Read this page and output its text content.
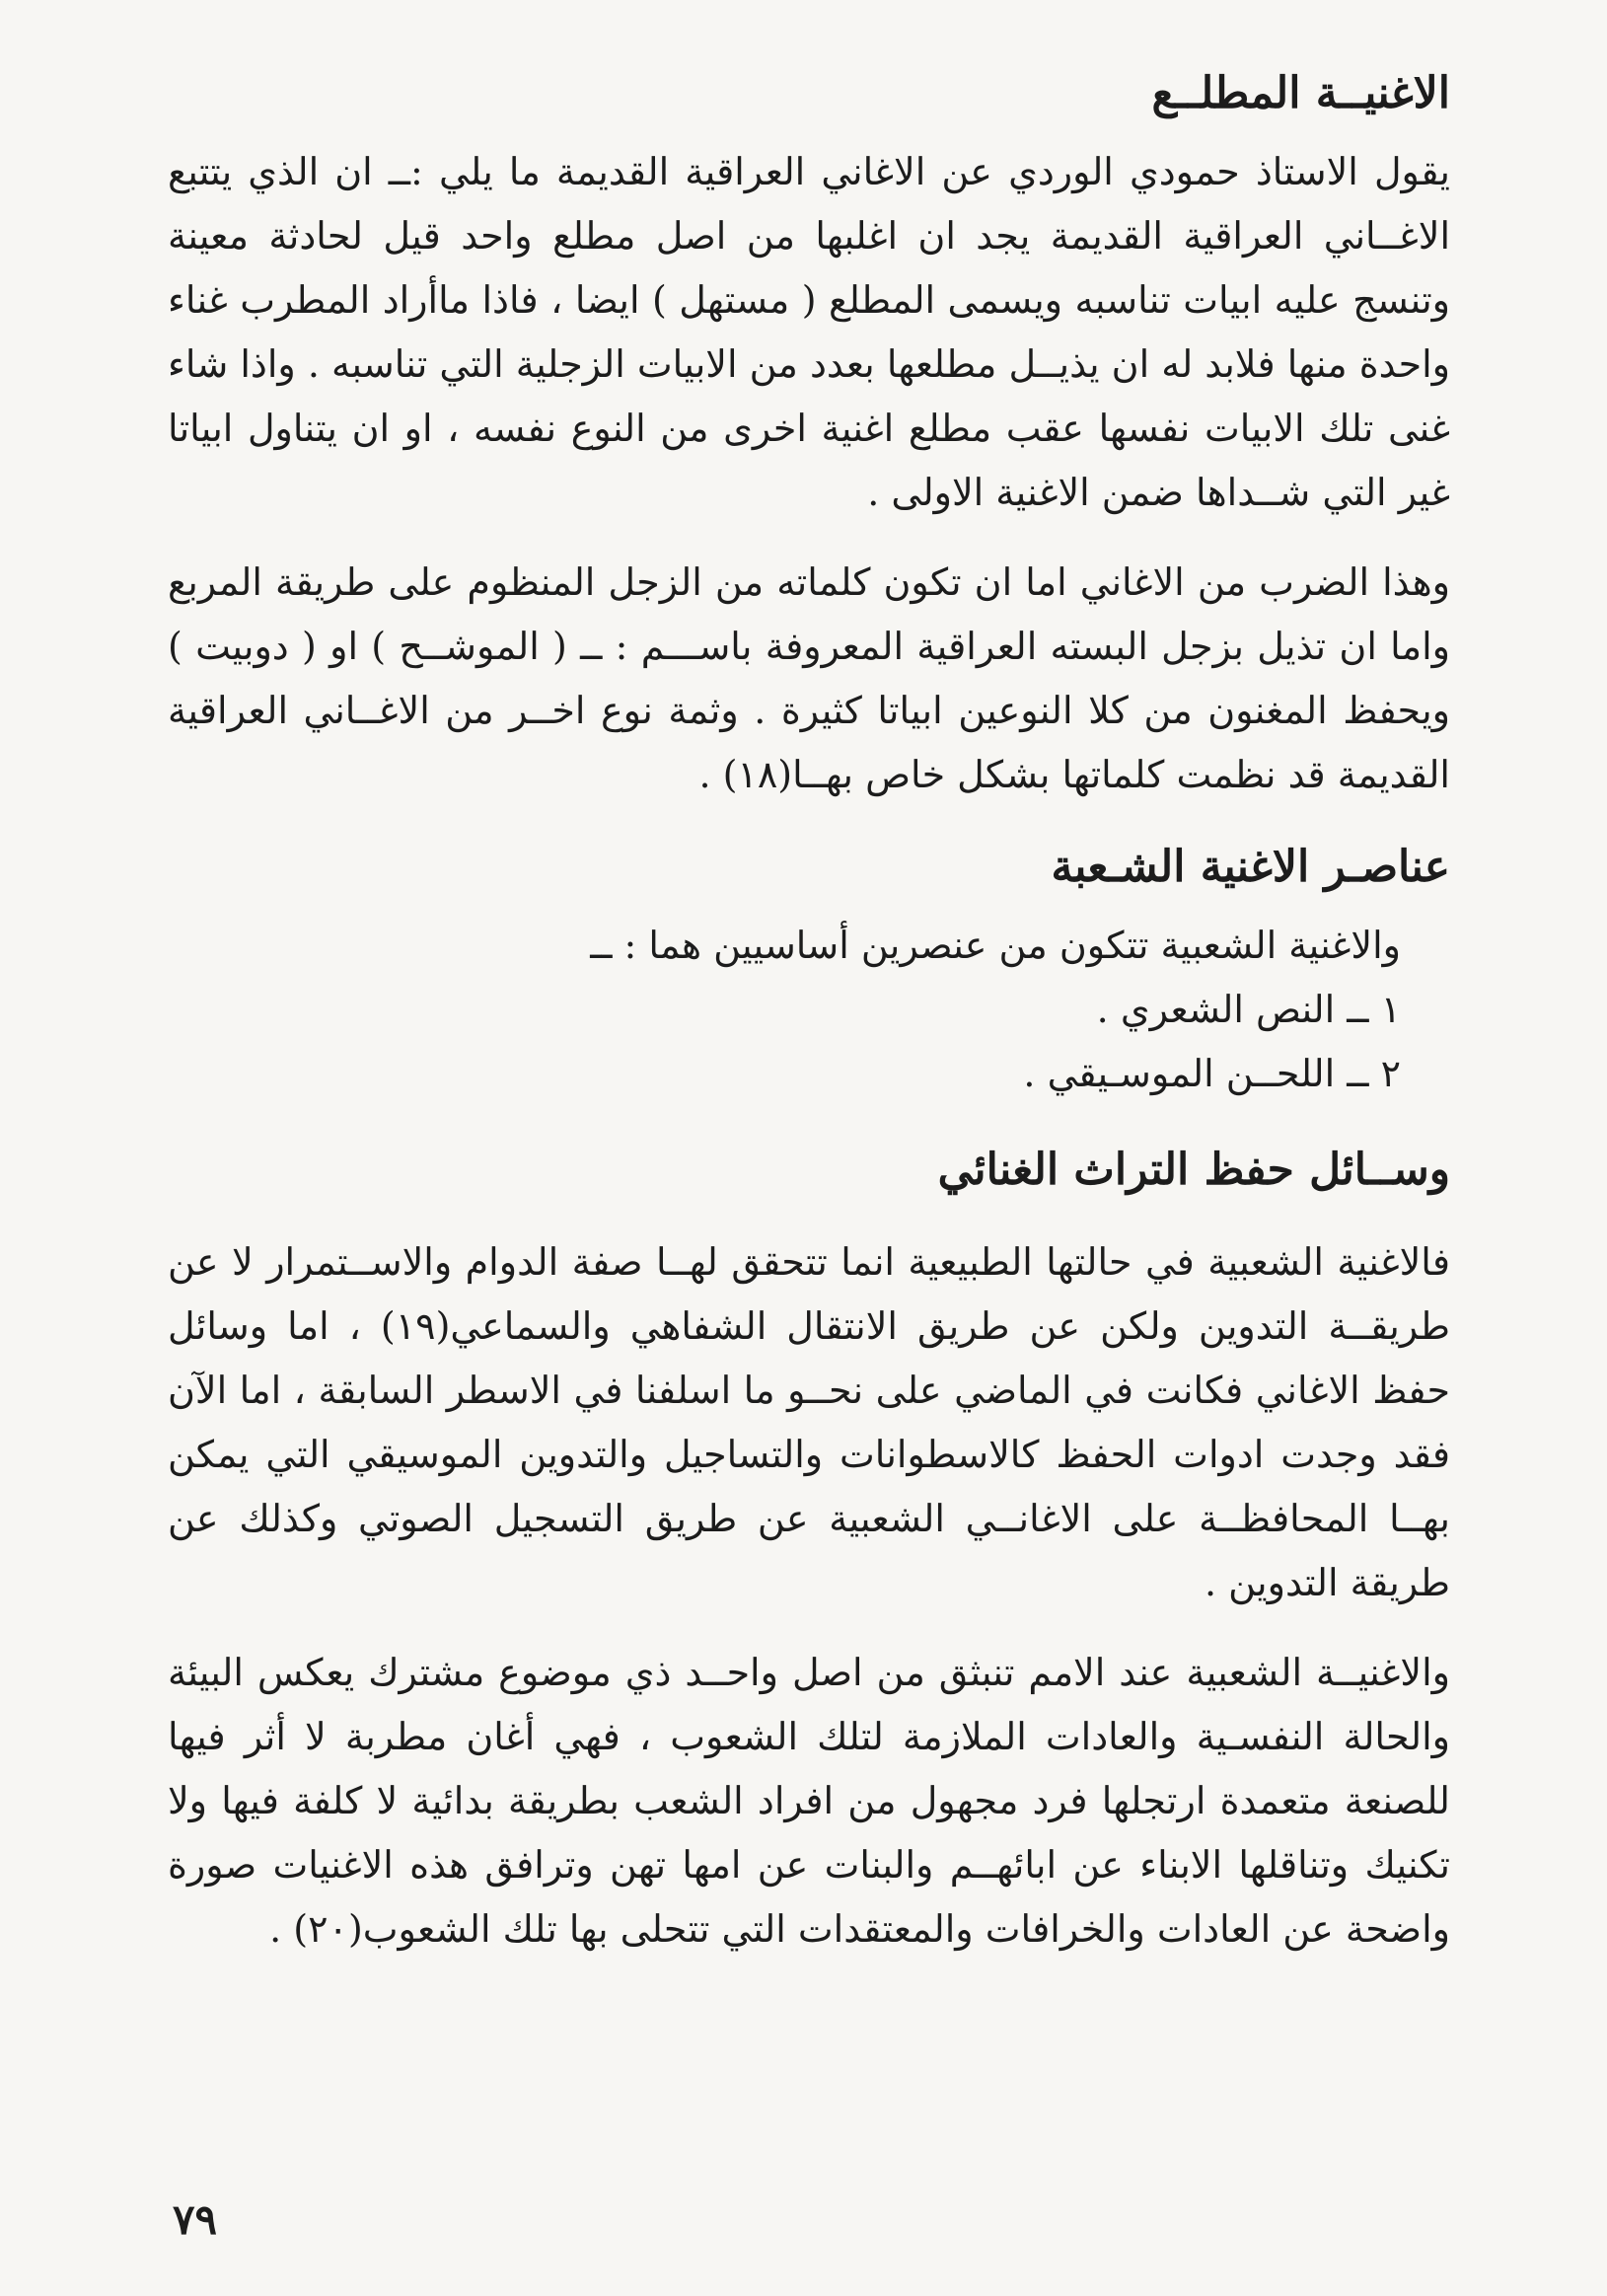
الاغنيــة المطلــع

يقول الاستاذ حمودي الوردي عن الاغاني العراقية القديمة ما يلي :ــ ان الذي يتتبع الاغــاني العراقية القديمة يجد ان اغلبها من اصل مطلع واحد قيل لحادثة معينة وتنسج عليه ابيات تناسبه ويسمى المطلع ( مستهل ) ايضا ، فاذا ماأراد المطرب غناء واحدة منها فلابد له ان يذيــل مطلعها بعدد من الابيات الزجلية التي تناسبه . واذا شاء غنى تلك الابيات نفسها عقب مطلع اغنية اخرى من النوع نفسه ، او ان يتناول ابياتا غير التي شــداها ضمن الاغنية الاولى .

وهذا الضرب من الاغاني اما ان تكون كلماته من الزجل المنظوم على طريقة المربع واما ان تذيل بزجل البسته العراقية المعروفة باســـم : ــ ( الموشــح ) او ( دوبيت ) ويحفظ المغنون من كلا النوعين ابياتا كثيرة . وثمة نوع اخــر من الاغــاني العراقية القديمة قد نظمت كلماتها بشكل خاص بهــا(١٨) .

عناصـر الاغنية الشـعبة

والاغنية الشعبية تتكون من عنصرين أساسيين هما : ــ

١ ــ النص الشعري .

٢ ــ اللحــن الموسـيقي .

وســائل حفظ التراث الغنائي

فالاغنية الشعبية في حالتها الطبيعية انما تتحقق لهــا صفة الدوام والاســتمرار لا عن طريقــة التدوين ولكن عن طريق الانتقال الشفاهي والسماعي(١٩) ، اما وسائل حفظ الاغاني فكانت في الماضي على نحــو ما اسلفنا في الاسطر السابقة ، اما الآن فقد وجدت ادوات الحفظ كالاسطوانات والتساجيل والتدوين الموسيقي التي يمكن بهــا المحافظــة على الاغانــي الشعبية عن طريق التسجيل الصوتي وكذلك عن طريقة التدوين .

والاغنيــة الشعبية عند الامم تنبثق من اصل واحــد ذي موضوع مشترك يعكس البيئة والحالة النفسـية والعادات الملازمة لتلك الشعوب ، فهي أغان مطربة لا أثر فيها للصنعة متعمدة ارتجلها فرد مجهول من افراد الشعب بطريقة بدائية لا كلفة فيها ولا تكنيك وتناقلها الابناء عن ابائهــم والبنات عن امها تهن وترافق هذه الاغنيات صورة واضحة عن العادات والخرافات والمعتقدات التي تتحلى بها تلك الشعوب(٢٠) .

٧٩
